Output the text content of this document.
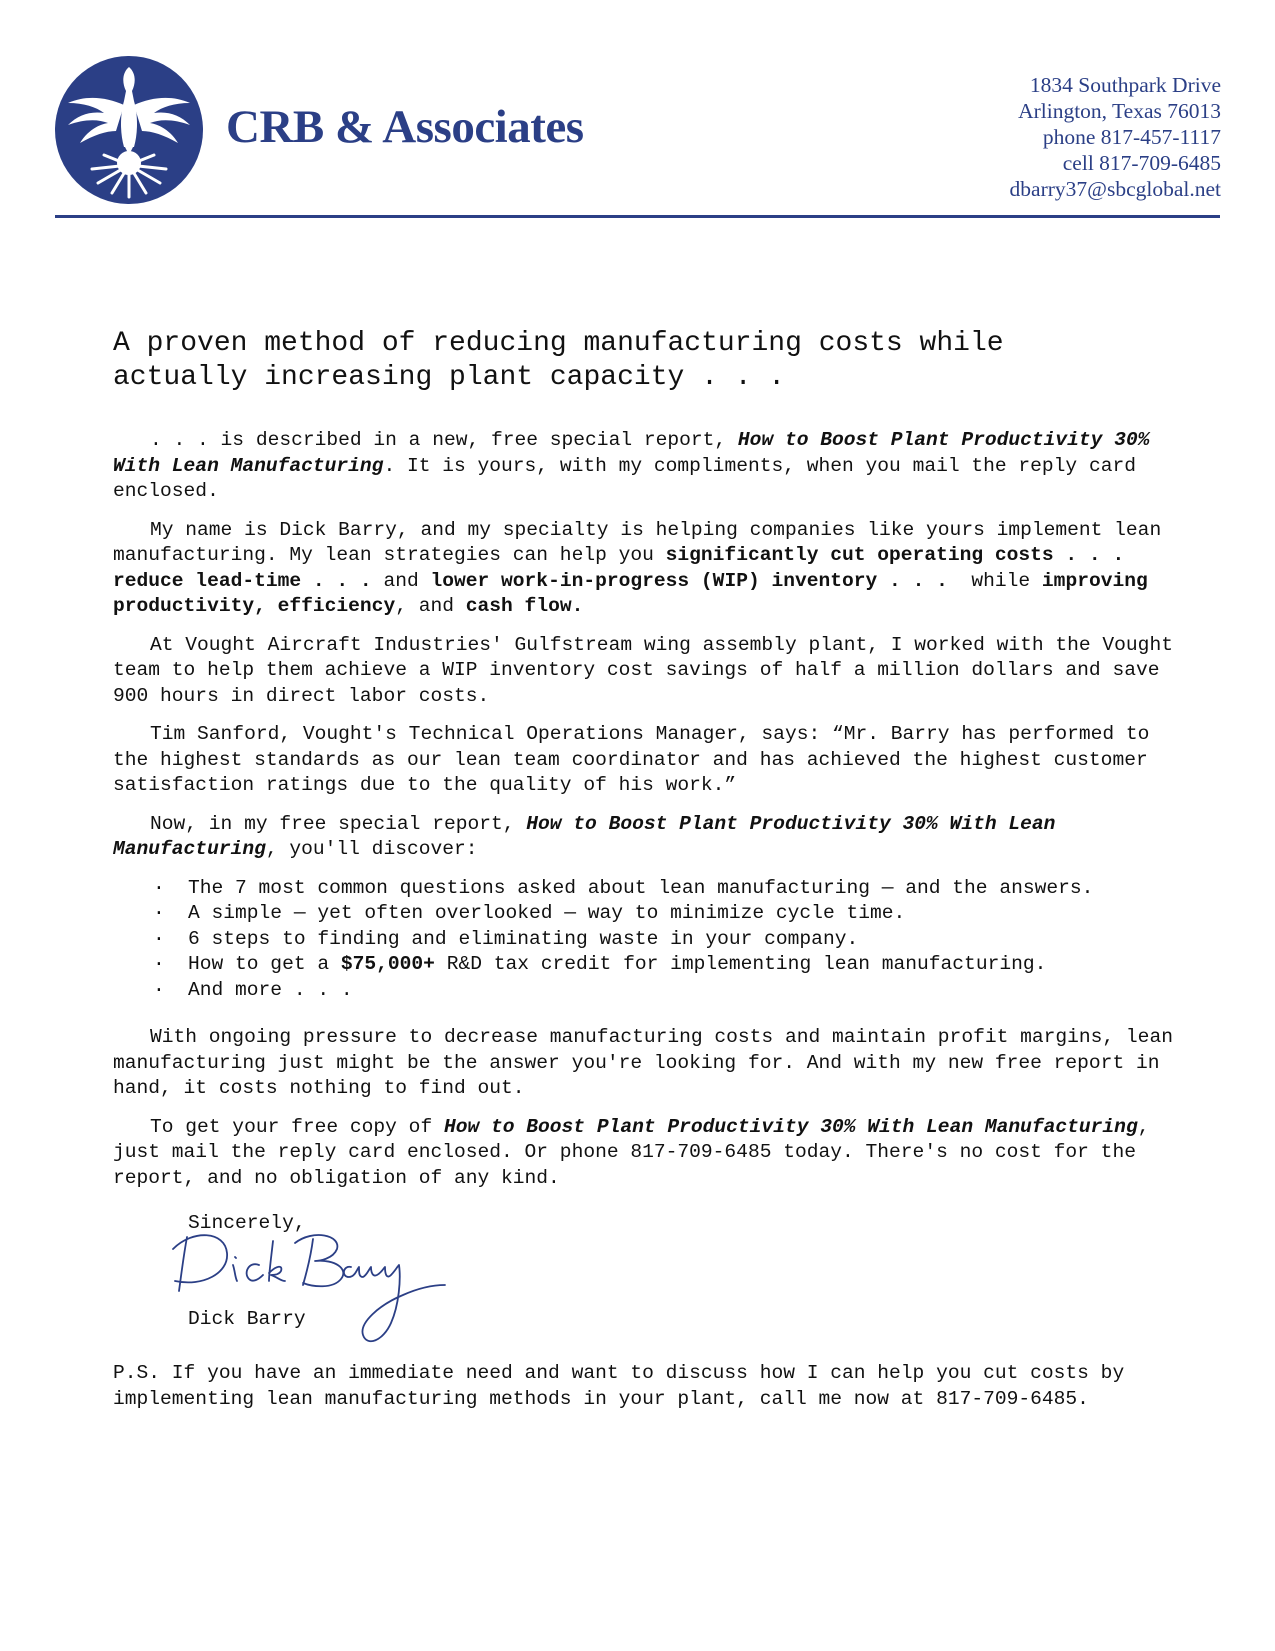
CRB & Associates
1834 Southpark Drive
Arlington, Texas 76013
phone 817-457-1117
cell 817-709-6485
dbarry37@sbcglobal.net
A proven method of reducing manufacturing costs while
actually increasing plant capacity . . .

. . . is described in a new, free special report, How to Boost Plant Productivity 30% With Lean Manufacturing. It is yours, with my compliments, when you mail the reply card enclosed.

My name is Dick Barry, and my specialty is helping companies like yours implement lean manufacturing. My lean strategies can help you significantly cut operating costs . . . reduce lead-time . . . and lower work-in-progress (WIP) inventory . . .  while improving productivity, efficiency, and cash flow.

At Vought Aircraft Industries' Gulfstream wing assembly plant, I worked with the Vought team to help them achieve a WIP inventory cost savings of half a million dollars and save 900 hours in direct labor costs.

Tim Sanford, Vought's Technical Operations Manager, says: “Mr. Barry has performed to the highest standards as our lean team coordinator and has achieved the highest customer satisfaction ratings due to the quality of his work.”

Now, in my free special report, How to Boost Plant Productivity 30% With Lean Manufacturing, you'll discover:

· The 7 most common questions asked about lean manufacturing — and the answers.
· A simple — yet often overlooked — way to minimize cycle time.
· 6 steps to finding and eliminating waste in your company.
· How to get a $75,000+ R&D tax credit for implementing lean manufacturing.
· And more . . .

With ongoing pressure to decrease manufacturing costs and maintain profit margins, lean manufacturing just might be the answer you're looking for. And with my new free report in hand, it costs nothing to find out.

To get your free copy of How to Boost Plant Productivity 30% With Lean Manufacturing, just mail the reply card enclosed. Or phone 817-709-6485 today. There's no cost for the report, and no obligation of any kind.

Sincerely,
Dick Barry

P.S. If you have an immediate need and want to discuss how I can help you cut costs by implementing lean manufacturing methods in your plant, call me now at 817-709-6485.
